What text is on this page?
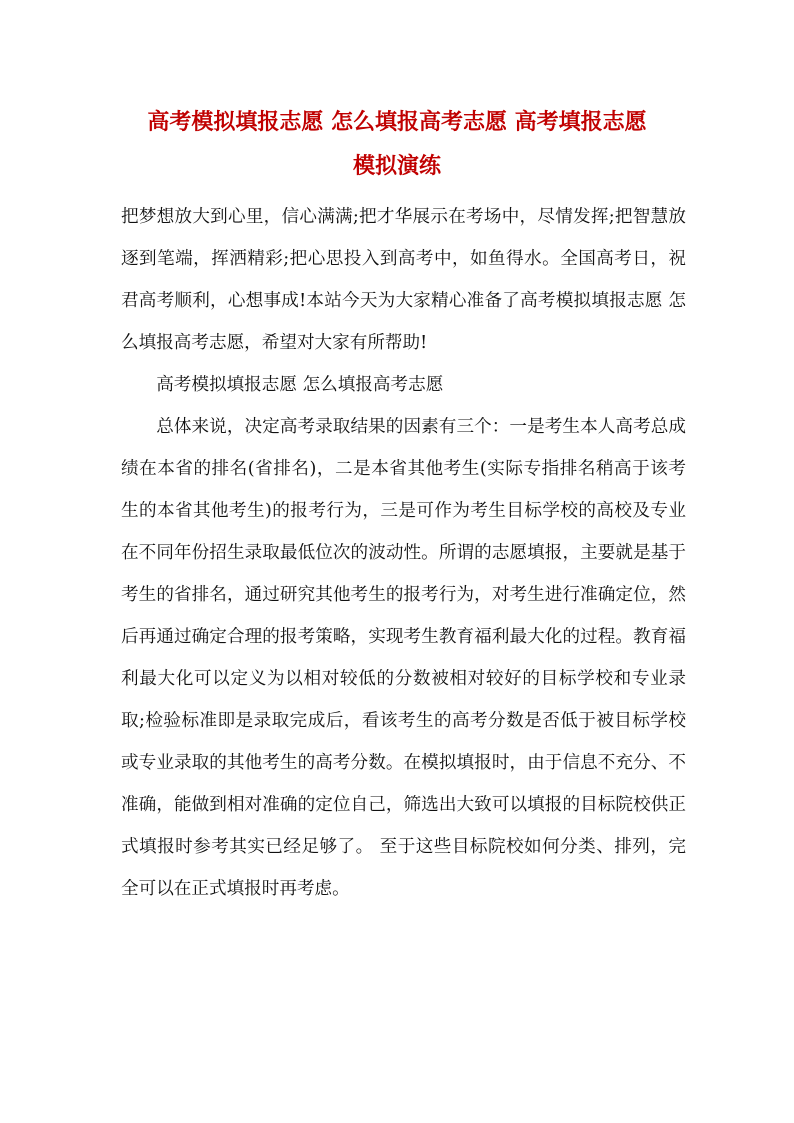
高考模拟填报志愿 怎么填报高考志愿 高考填报志愿
模拟演练

把梦想放大到心里，信心满满;把才华展示在考场中，尽情发挥;把智慧放逐到笔端，挥洒精彩;把心思投入到高考中，如鱼得水。全国高考日，祝君高考顺利，心想事成!本站今天为大家精心准备了高考模拟填报志愿 怎么填报高考志愿，希望对大家有所帮助!

高考模拟填报志愿 怎么填报高考志愿

总体来说，决定高考录取结果的因素有三个：一是考生本人高考总成绩在本省的排名(省排名)，二是本省其他考生(实际专指排名稍高于该考生的本省其他考生)的报考行为，三是可作为考生目标学校的高校及专业在不同年份招生录取最低位次的波动性。所谓的志愿填报，主要就是基于考生的省排名，通过研究其他考生的报考行为，对考生进行准确定位，然后再通过确定合理的报考策略，实现考生教育福利最大化的过程。教育福利最大化可以定义为以相对较低的分数被相对较好的目标学校和专业录取;检验标准即是录取完成后，看该考生的高考分数是否低于被目标学校或专业录取的其他考生的高考分数。在模拟填报时，由于信息不充分、不准确，能做到相对准确的定位自己，筛选出大致可以填报的目标院校供正式填报时参考其实已经足够了。 至于这些目标院校如何分类、排列，完全可以在正式填报时再考虑。
